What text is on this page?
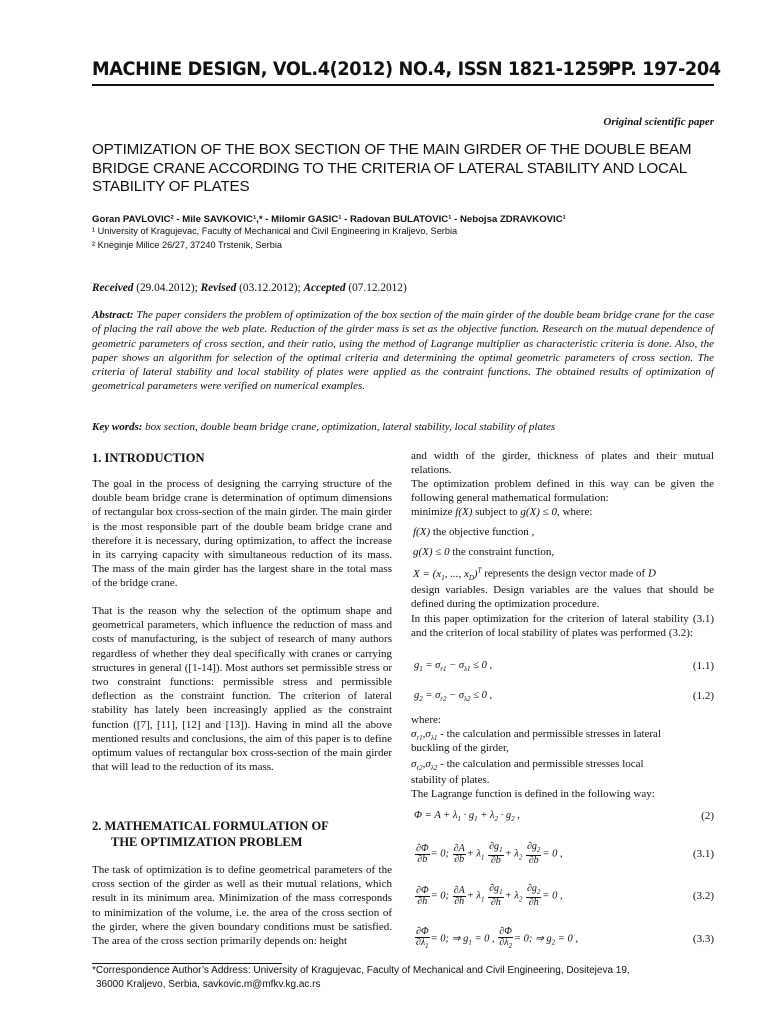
MACHINE DESIGN, VOL.4(2012) NO.4, ISSN 1821-1259
PP. 197-204
Original scientific paper
OPTIMIZATION OF THE BOX SECTION OF THE MAIN GIRDER OF THE DOUBLE BEAM BRIDGE CRANE ACCORDING TO THE CRITERIA OF LATERAL STABILITY AND LOCAL STABILITY OF PLATES
Goran PAVLOVIC² - Mile SAVKOVIC¹,* - Milomir GASIC¹ - Radovan BULATOVIC¹ - Nebojsa ZDRAVKOVIC¹
¹ University of Kragujevac, Faculty of Mechanical and Civil Engineering in Kraljevo, Serbia
² Kneginje Milice 26/27, 37240 Trstenik, Serbia
Received (29.04.2012); Revised (03.12.2012); Accepted (07.12.2012)
Abstract: The paper considers the problem of optimization of the box section of the main girder of the double beam bridge crane for the case of placing the rail above the web plate. Reduction of the girder mass is set as the objective function. Research on the mutual dependence of geometric parameters of cross section, and their ratio, using the method of Lagrange multiplier as characteristic criteria is done. Also, the paper shows an algorithm for selection of the optimal criteria and determining the optimal geometric parameters of cross section. The criteria of lateral stability and local stability of plates were applied as the contraint functions. The obtained results of optimization of geometrical parameters were verified on numerical examples.
Key words: box section, double beam bridge crane, optimization, lateral stability, local stability of plates
1. INTRODUCTION

The goal in the process of designing the carrying structure of the double beam bridge crane is determination of optimum dimensions of rectangular box cross-section of the main girder. The main girder is the most responsible part of the double beam bridge crane and therefore it is necessary, during optimization, to affect the increase in its carrying capacity with simultaneous reduction of its mass. The mass of the main girder has the largest share in the total mass of the bridge crane.

That is the reason why the selection of the optimum shape and geometrical parameters, which influence the reduction of mass and costs of manufacturing, is the subject of research of many authors regardless of whether they deal specifically with cranes or carrying structures in general ([1-14]). Most authors set permissible stress or two constraint functions: permissible stress and permissible deflection as the constraint function. The criterion of lateral stability has lately been increasingly applied as the constraint function ([7], [11], [12] and [13]). Having in mind all the above mentioned results and conclusions, the aim of this paper is to define optimum values of rectangular box cross-section of the main girder that will lead to the reduction of its mass.

2. MATHEMATICAL FORMULATION OF
THE OPTIMIZATION PROBLEM

The task of optimization is to define geometrical parameters of the cross section of the girder as well as their mutual relations, which result in its minimum area. Minimization of the mass corresponds to minimization of the volume, i.e. the area of the cross section of the girder, where the given boundary conditions must be satisfied. The area of the cross section primarily depends on: height

and width of the girder, thickness of plates and their mutual relations.

The optimization problem defined in this way can be given the following general mathematical formulation:

minimize f(X) subject to g(X) ≤ 0, where:
f(X) the objective function ,
g(X) ≤ 0 the constraint function,
$X = (x_1$, ..., $x_D)^T$ represents the design vector made of D

design variables. Design variables are the values that should be defined during the optimization procedure.

In this paper optimization for the criterion of lateral stability (3.1) and the criterion of local stability of plates was performed (3.2):

$g_1 = \sigma_{r1} - \sigma_{\lambda 1} \le 0$ ,	(1.1)
$g_2 = \sigma_{r2} - \sigma_{\lambda 2} \le 0$ ,	(1.2)
where:
$\sigma_{r1},\sigma_{\lambda 1}$ - the calculation and permissible stresses in lateral
buckling of the girder,
$\sigma_{r2},\sigma_{\lambda 2}$ - the calculation and permissible stresses local
stability of plates.
The Lagrange function is defined in the following way:
$\Phi = A + \lambda_1 \cdot g_1 + \lambda_2 \cdot g_2$ ,	(2)
$\frac{\partial\Phi}{\partial b} = 0$; $\frac{\partial A}{\partial b} + \lambda_1 \frac{\partial g_1}{\partial b} + \lambda_2 \frac{\partial g_2}{\partial b} = 0$ ,	(3.1)
$\frac{\partial\Phi}{\partial h} = 0$; $\frac{\partial A}{\partial h} + \lambda_1 \frac{\partial g_1}{\partial h} + \lambda_2 \frac{\partial g_2}{\partial h} = 0$ ,	(3.2)
$\frac{\partial\Phi}{\partial\lambda_1} = 0$; ⇒ $g_1 = 0$ , $\frac{\partial\Phi}{\partial\lambda_2} = 0$; ⇒ $g_2 = 0$ ,	(3.3)
*Correspondence Author’s Address: University of Kragujevac, Faculty of Mechanical and Civil Engineering, Dositejeva 19,
36000 Kraljevo, Serbia, savkovic.m@mfkv.kg.ac.rs
